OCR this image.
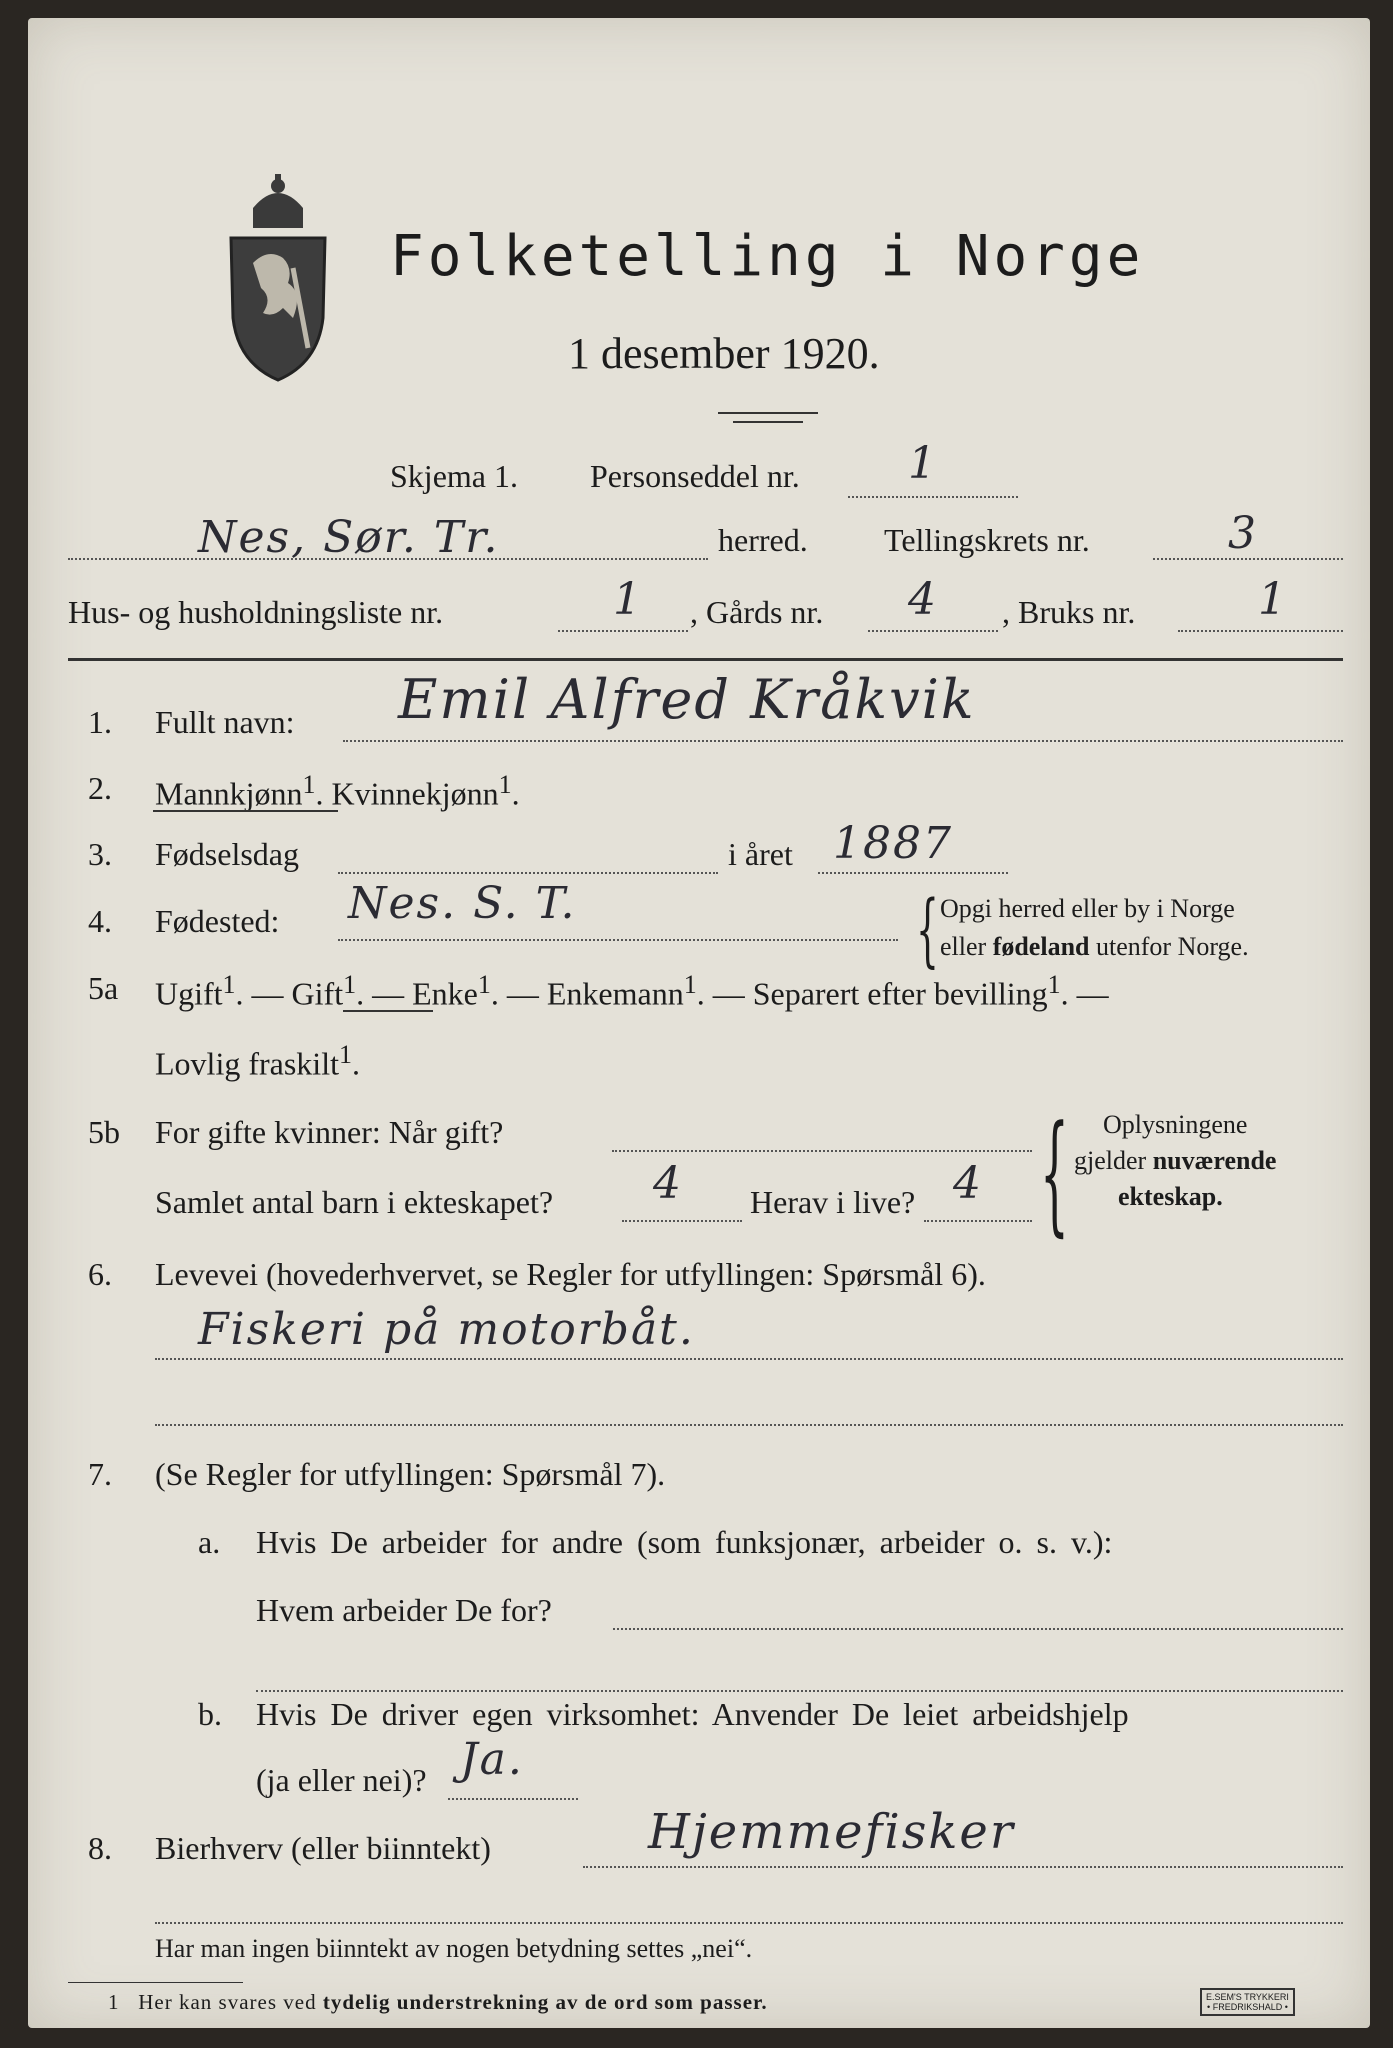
Folketelling i Norge
1 desember 1920.
Skjema 1. Personseddel nr. 1
Nes, Sør. Tr.	herred. Tellingskrets nr.	3
Hus- og husholdningsliste nr.	1 , Gårds nr. 4 , Bruks nr.	1
1. Fullt navn: Emil Alfred Kråkvik
2. Mannkjønn$^1$. Kvinnekjønn$^1$.
3. Fødselsdag	i året 1887
4. Fødested: Nes. S. T.	{ Opgi herred eller by i Norge
eller fødeland utenfor Norge.
5a Ugift$^1$. — Gift$^1$. — Enke$^1$. — Enkemann$^1$. — Separert efter bevilling$^1$. —
Lovlig fraskilt$^1$.
5b For gifte kvinner: Når gift?
Samlet antal barn i ekteskapet? 4 Herav i live? 4 { Oplysningene
gjelder nuværende
ekteskap.
6. Levevei (hovederhvervet, se Regler for utfyllingen: Spørsmål 6).
Fiskeri på motorbåt.
7. (Se Regler for utfyllingen: Spørsmål 7).
a. Hvis De arbeider for andre (som funksjonær, arbeider o. s. v.):
Hvem arbeider De for?
b. Hvis De driver egen virksomhet: Anvender De leiet arbeidshjelp
(ja eller nei)? Ja.
8. Bierhverv (eller biinntekt)	Hjemmefisker
Har man ingen biinntekt av nogen betydning settes „nei“.
1 Her kan svares ved tydelig understrekning av de ord som passer.	E.SEM'S TRYKKERI
• FREDRIKSHALD •
